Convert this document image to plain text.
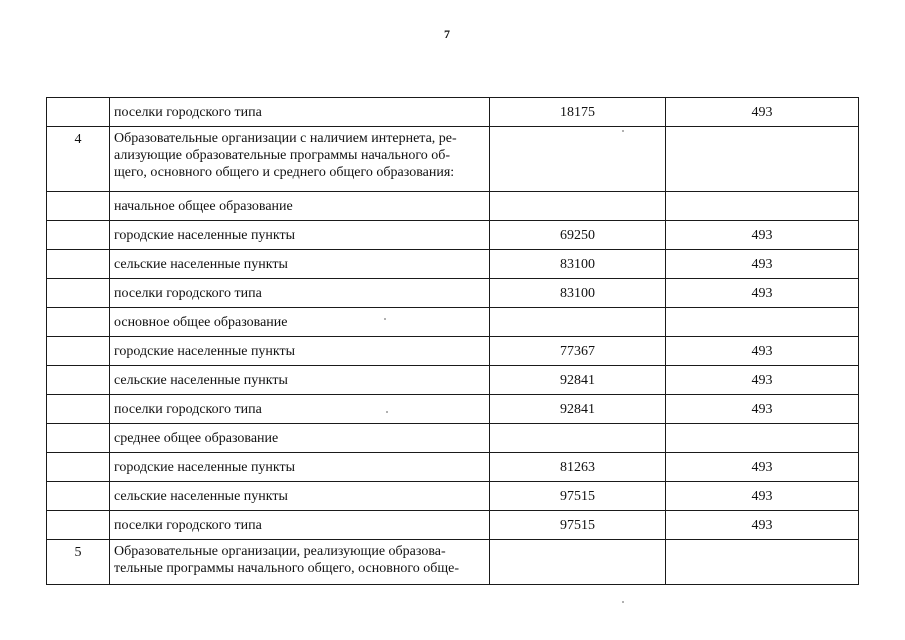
7
	поселки городского типа	18175	493
4	Образовательные организации с наличием интернета, ре-
ализующие образовательные программы начального об-
щего, основного общего и среднего общего образования:		
	начальное общее образование		
	городские населенные пункты	69250	493
	сельские населенные пункты	83100	493
	поселки городского типа	83100	493
	основное общее образование		
	городские населенные пункты	77367	493
	сельские населенные пункты	92841	493
	поселки городского типа	92841	493
	среднее общее образование		
	городские населенные пункты	81263	493
	сельские населенные пункты	97515	493
	поселки городского типа	97515	493
5	Образовательные организации, реализующие образова-
тельные программы начального общего, основного обще-		
